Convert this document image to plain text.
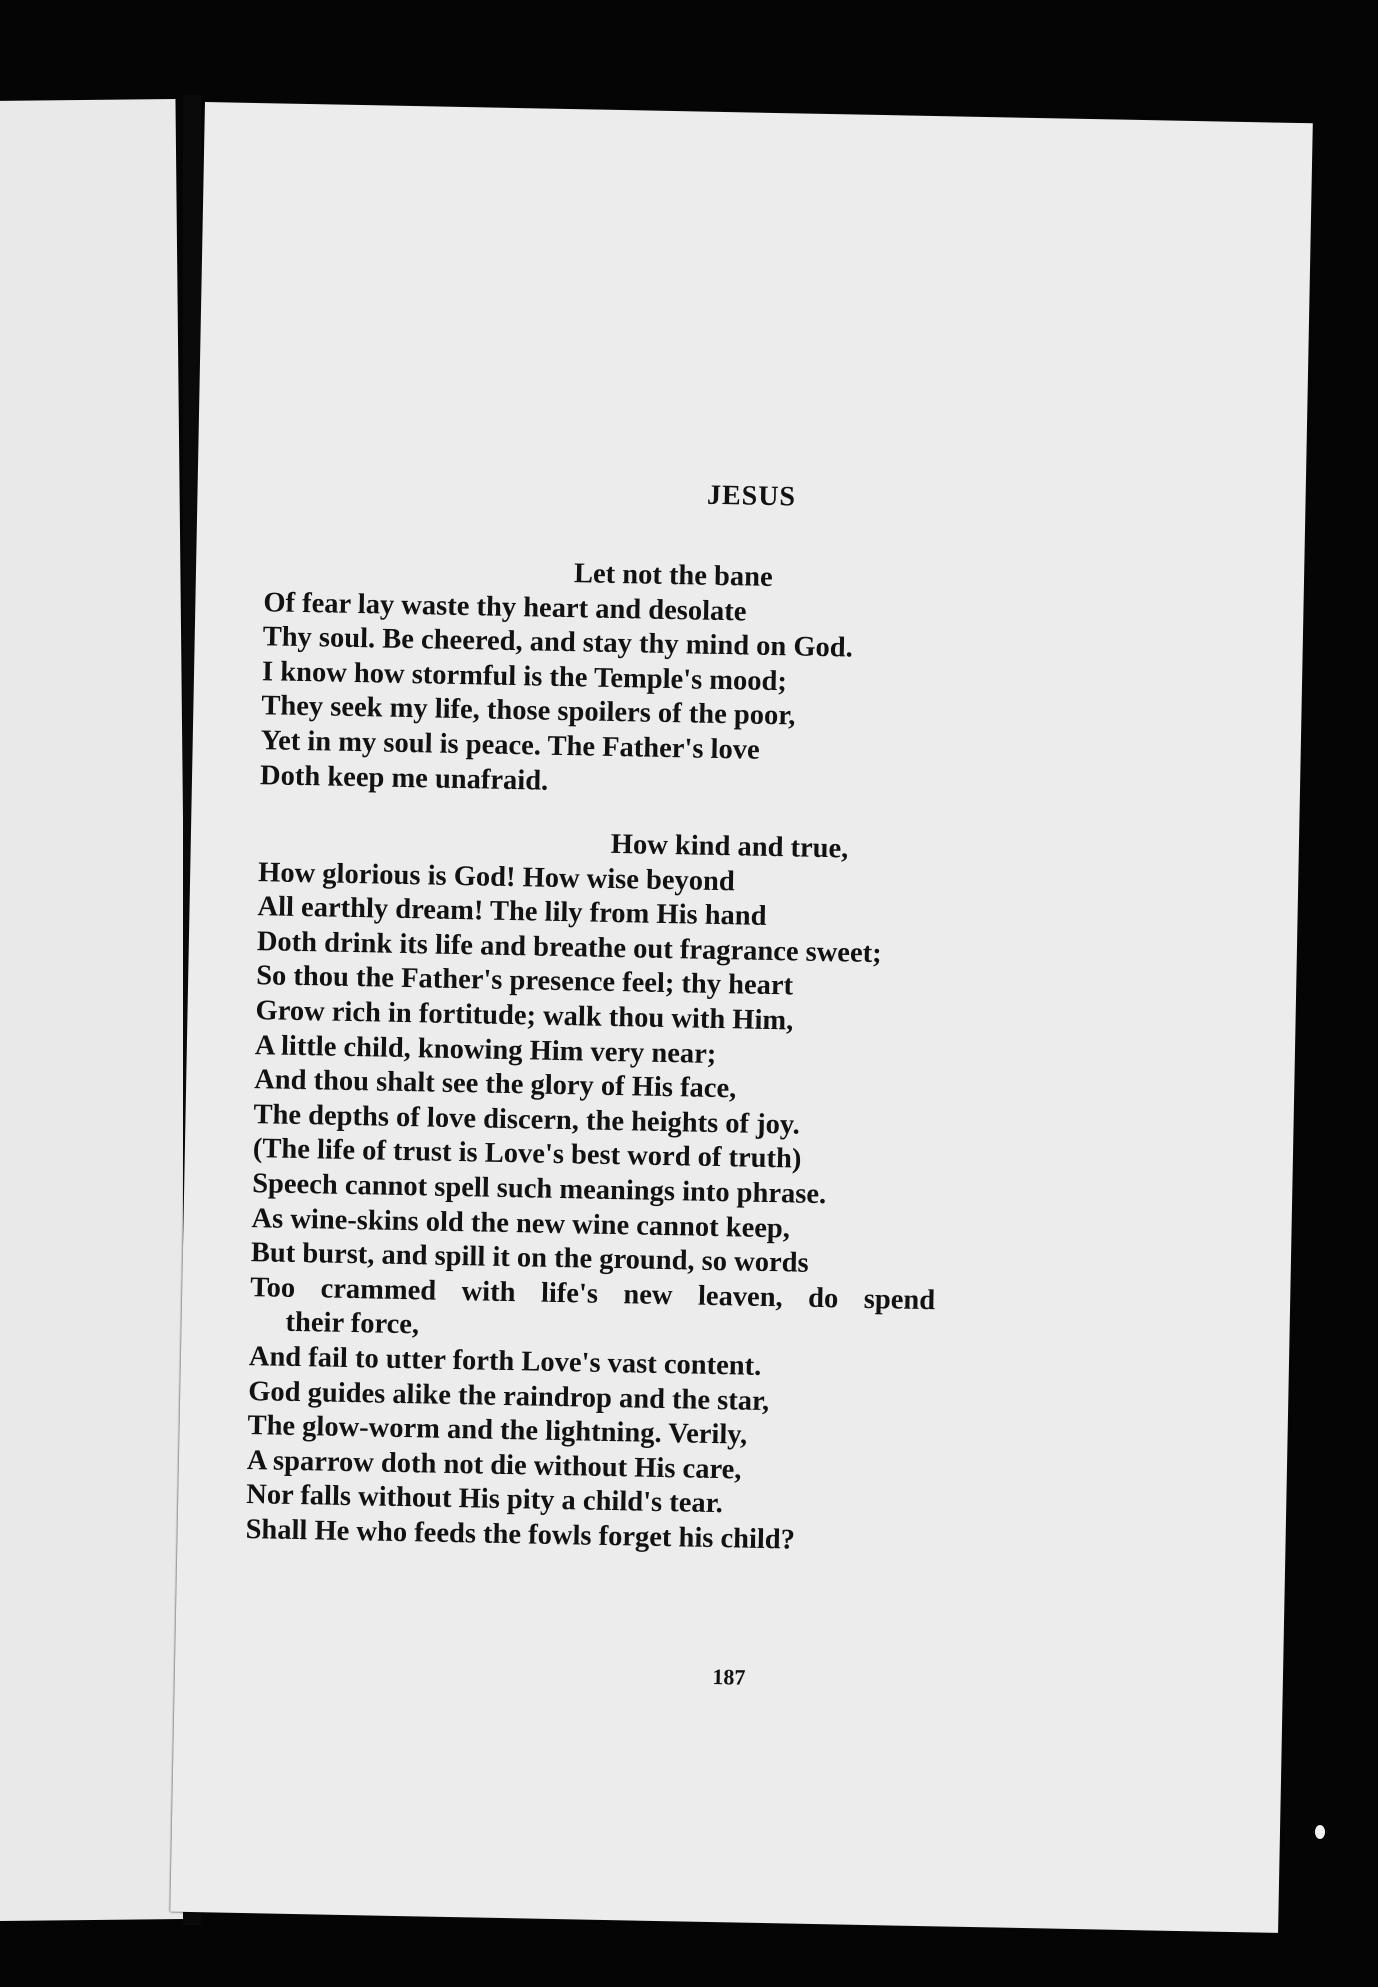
JESUS
Let not the bane
Of fear lay waste thy heart and desolate
Thy soul. Be cheered, and stay thy mind on God.
I know how stormful is the Temple's mood;
They seek my life, those spoilers of the poor,
Yet in my soul is peace. The Father's love
Doth keep me unafraid.
How kind and true,
How glorious is God! How wise beyond
All earthly dream! The lily from His hand
Doth drink its life and breathe out fragrance sweet;
So thou the Father's presence feel; thy heart
Grow rich in fortitude; walk thou with Him,
A little child, knowing Him very near;
And thou shalt see the glory of His face,
The depths of love discern, the heights of joy.
(The life of trust is Love's best word of truth)
Speech cannot spell such meanings into phrase.
As wine-skins old the new wine cannot keep,
But burst, and spill it on the ground, so words
Too crammed with life's new leaven, do spend
their force,
And fail to utter forth Love's vast content.
God guides alike the raindrop and the star,
The glow-worm and the lightning. Verily,
A sparrow doth not die without His care,
Nor falls without His pity a child's tear.
Shall He who feeds the fowls forget his child?
187
